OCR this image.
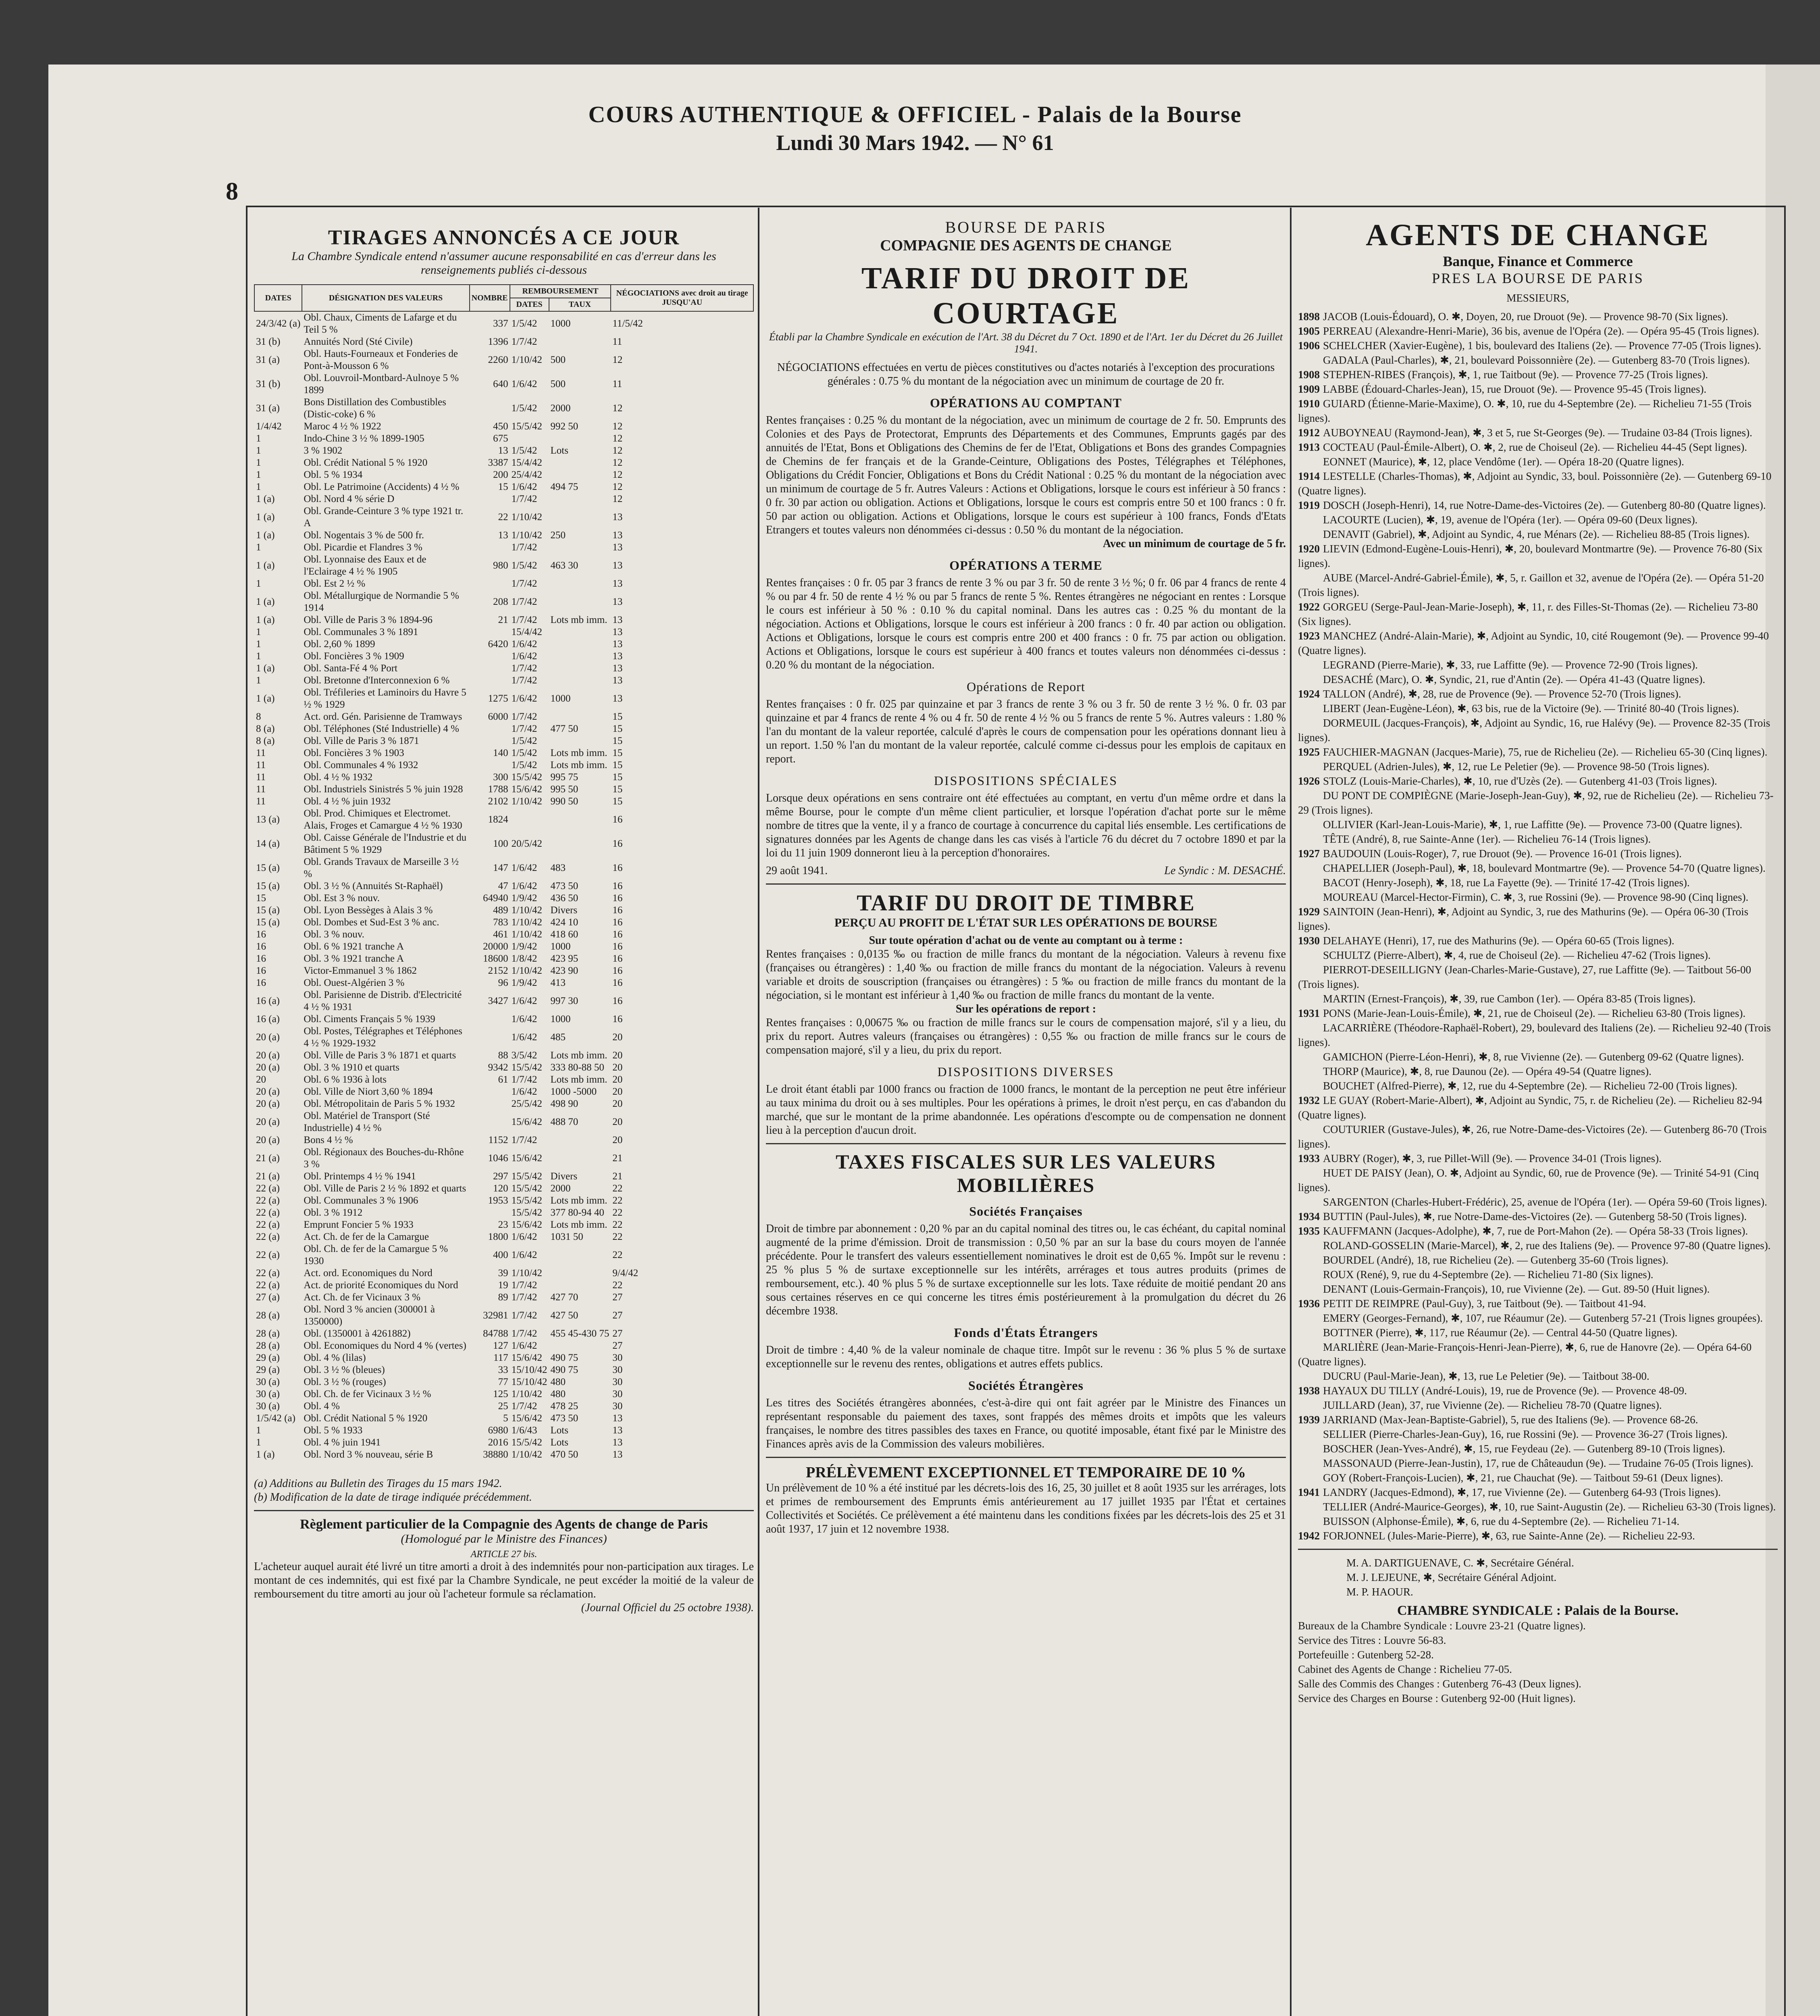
8
COURS AUTHENTIQUE & OFFICIEL - Palais de la Bourse
Lundi 30 Mars 1942. — N° 61
TIRAGES ANNONCÉS A CE JOUR
La Chambre Syndicale entend n'assumer aucune responsabilité en cas d'erreur dans les renseignements publiés ci-dessous
DATES	DÉSIGNATION DES VALEURS	NOMBRE	REMBOURSEMENT		NÉGOCIATIONS avec droit au tirage JUSQU'AU
			DATES	TAUX	
24/3/42 (a)	Obl. Chaux, Ciments de Lafarge et du Teil 5 %	337	1/5/42	1000	11/5/42
31 (b)	Annuités Nord (Sté Civile)	1396	1/7/42		11
31 (a)	Obl. Hauts-Fourneaux et Fonderies de Pont-à-Mousson 6 %	2260	1/10/42	500	12
31 (b)	Obl. Louvroil-Montbard-Aulnoye 5 % 1899	640	1/6/42	500	11
31 (a)	Bons Distillation des Combustibles (Distic-coke) 6 %		1/5/42	2000	12
1/4/42	Maroc 4 ½ % 1922	450	15/5/42	992 50	12
1	Indo-Chine 3 ½ % 1899-1905	675			12
1	3 % 1902	13	1/5/42	Lots	12
1	Obl. Crédit National 5 % 1920	3387	15/4/42		12
1	Obl. 5 % 1934	200	25/4/42		12
1	Obl. Le Patrimoine (Accidents) 4 ½ %	15	1/6/42	494 75	12
1 (a)	Obl. Nord 4 % série D		1/7/42		12
1 (a)	Obl. Grande-Ceinture 3 % type 1921 tr. A	22	1/10/42		13
1 (a)	Obl. Nogentais 3 % de 500 fr.	13	1/10/42	250	13
1	Obl. Picardie et Flandres 3 %		1/7/42		13
1 (a)	Obl. Lyonnaise des Eaux et de l'Eclairage 4 ½ % 1905	980	1/5/42	463 30	13
1	Obl. Est 2 ½ %		1/7/42		13
1 (a)	Obl. Métallurgique de Normandie 5 % 1914	208	1/7/42		13
1 (a)	Obl. Ville de Paris 3 % 1894-96	21	1/7/42	Lots mb imm.	13
1	Obl. Communales 3 % 1891		15/4/42		13
1	Obl. 2,60 % 1899	6420	1/6/42		13
1	Obl. Foncières 3 % 1909		1/6/42		13
1 (a)	Obl. Santa-Fé 4 % Port		1/7/42		13
1	Obl. Bretonne d'Interconnexion 6 %		1/7/42		13
1 (a)	Obl. Tréfileries et Laminoirs du Havre 5 ½ % 1929	1275	1/6/42	1000	13
8	Act. ord. Gén. Parisienne de Tramways	6000	1/7/42		15
8 (a)	Obl. Téléphones (Sté Industrielle) 4 %		1/7/42	477 50	15
8 (a)	Obl. Ville de Paris 3 % 1871		1/5/42		15
11	Obl. Foncières 3 % 1903	140	1/5/42	Lots mb imm.	15
11	Obl. Communales 4 % 1932		1/5/42	Lots mb imm.	15
11	Obl. 4 ½ % 1932	300	15/5/42	995 75	15
11	Obl. Industriels Sinistrés 5 % juin 1928	1788	15/6/42	995 50	15
11	Obl. 4 ½ % juin 1932	2102	1/10/42	990 50	15
13 (a)	Obl. Prod. Chimiques et Electromet. Alais, Froges et Camargue 4 ½ % 1930	1824			16
14 (a)	Obl. Caisse Générale de l'Industrie et du Bâtiment 5 % 1929	100	20/5/42		16
15 (a)	Obl. Grands Travaux de Marseille 3 ½ %	147	1/6/42	483	16
15 (a)	Obl. 3 ½ % (Annuités St-Raphaël)	47	1/6/42	473 50	16
15	Obl. Est 3 % nouv.	64940	1/9/42	436 50	16
15 (a)	Obl. Lyon Bessèges à Alais 3 %	489	1/10/42	Divers	16
15 (a)	Obl. Dombes et Sud-Est 3 % anc.	783	1/10/42	424 10	16
16	Obl. 3 % nouv.	461	1/10/42	418 60	16
16	Obl. 6 % 1921 tranche A	20000	1/9/42	1000	16
16	Obl. 3 % 1921 tranche A	18600	1/8/42	423 95	16
16	Victor-Emmanuel 3 % 1862	2152	1/10/42	423 90	16
16	Obl. Ouest-Algérien 3 %	96	1/9/42	413	16
16 (a)	Obl. Parisienne de Distrib. d'Electricité 4 ½ % 1931	3427	1/6/42	997 30	16
16 (a)	Obl. Ciments Français 5 % 1939		1/6/42	1000	16
20 (a)	Obl. Postes, Télégraphes et Téléphones 4 ½ % 1929-1932		1/6/42	485	20
20 (a)	Obl. Ville de Paris 3 % 1871 et quarts	88	3/5/42	Lots mb imm.	20
20 (a)	Obl. 3 % 1910 et quarts	9342	15/5/42	333 80-88 50	20
20	Obl. 6 % 1936 à lots	61	1/7/42	Lots mb imm.	20
20 (a)	Obl. Ville de Niort 3,60 % 1894		1/6/42	1000 -5000	20
20 (a)	Obl. Métropolitain de Paris 5 % 1932		25/5/42	498 90	20
20 (a)	Obl. Matériel de Transport (Sté Industrielle) 4 ½ %		15/6/42	488 70	20
20 (a)	Bons 4 ½ %	1152	1/7/42		20
21 (a)	Obl. Régionaux des Bouches-du-Rhône 3 %	1046	15/6/42		21
21 (a)	Obl. Printemps 4 ½ % 1941	297	15/5/42	Divers	21
22 (a)	Obl. Ville de Paris 2 ½ % 1892 et quarts	120	15/5/42	2000	22
22 (a)	Obl. Communales 3 % 1906	1953	15/5/42	Lots mb imm.	22
22 (a)	Obl. 3 % 1912		15/5/42	377 80-94 40	22
22 (a)	Emprunt Foncier 5 % 1933	23	15/6/42	Lots mb imm.	22
22 (a)	Act. Ch. de fer de la Camargue	1800	1/6/42	1031 50	22
22 (a)	Obl. Ch. de fer de la Camargue 5 % 1930	400	1/6/42		22
22 (a)	Act. ord. Economiques du Nord	39	1/10/42		9/4/42
22 (a)	Act. de priorité Economiques du Nord	19	1/7/42		22
27 (a)	Act. Ch. de fer Vicinaux 3 %	89	1/7/42	427 70	27
28 (a)	Obl. Nord 3 % ancien (300001 à 1350000)	32981	1/7/42	427 50	27
28 (a)	Obl. (1350001 à 4261882)	84788	1/7/42	455 45-430 75	27
28 (a)	Obl. Economiques du Nord 4 % (vertes)	127	1/6/42		27
29 (a)	Obl. 4 % (lilas)	117	15/6/42	490 75	30
29 (a)	Obl. 3 ½ % (bleues)	33	15/10/42	490 75	30
30 (a)	Obl. 3 ½ % (rouges)	77	15/10/42	480	30
30 (a)	Obl. Ch. de fer Vicinaux 3 ½ %	125	1/10/42	480	30
30 (a)	Obl. 4 %	25	1/7/42	478 25	30
1/5/42 (a)	Obl. Crédit National 5 % 1920	5	15/6/42	473 50	13
1	Obl. 5 % 1933	6980	1/6/43	Lots	13
1	Obl. 4 % juin 1941	2016	15/5/42	Lots	13
1 (a)	Obl. Nord 3 % nouveau, série B	38880	1/10/42	470 50	13
(a) Additions au Bulletin des Tirages du 15 mars 1942.
(b) Modification de la date de tirage indiquée précédemment.
Règlement particulier de la Compagnie des Agents de change de Paris
(Homologué par le Ministre des Finances)
ARTICLE 27 bis.
L'acheteur auquel aurait été livré un titre amorti a droit à des indemnités pour non-participation aux tirages. Le montant de ces indemnités, qui est fixé par la Chambre Syndicale, ne peut excéder la moitié de la valeur de remboursement du titre amorti au jour où l'acheteur formule sa réclamation.
(Journal Officiel du 25 octobre 1938).
BOURSE DE PARIS
COMPAGNIE DES AGENTS DE CHANGE
TARIF DU DROIT DE COURTAGE
Établi par la Chambre Syndicale en exécution de l'Art. 38 du Décret du 7 Oct. 1890 et de l'Art. 1er du Décret du 26 Juillet 1941.
NÉGOCIATIONS effectuées en vertu de pièces constitutives ou d'actes notariés à l'exception des procurations générales : 0.75 % du montant de la négociation avec un minimum de courtage de 20 fr.
OPÉRATIONS AU COMPTANT
Rentes françaises : 0.25 % du montant de la négociation, avec un minimum de courtage de 2 fr. 50. Emprunts des Colonies et des Pays de Protectorat, Emprunts des Départements et des Communes, Emprunts gagés par des annuités de l'Etat, Bons et Obligations des Chemins de fer de l'Etat, Obligations et Bons des grandes Compagnies de Chemins de fer français et de la Grande-Ceinture, Obligations des Postes, Télégraphes et Téléphones, Obligations du Crédit Foncier, Obligations et Bons du Crédit National : 0.25 % du montant de la négociation avec un minimum de courtage de 5 fr. Autres Valeurs : Actions et Obligations, lorsque le cours est inférieur à 50 francs : 0 fr. 30 par action ou obligation. Actions et Obligations, lorsque le cours est compris entre 50 et 100 francs : 0 fr. 50 par action ou obligation. Actions et Obligations, lorsque le cours est supérieur à 100 francs, Fonds d'Etats Etrangers et toutes valeurs non dénommées ci-dessus : 0.50 % du montant de la négociation.
Avec un minimum de courtage de 5 fr.
OPÉRATIONS A TERME
Rentes françaises : 0 fr. 05 par 3 francs de rente 3 % ou par 3 fr. 50 de rente 3 ½ %; 0 fr. 06 par 4 francs de rente 4 % ou par 4 fr. 50 de rente 4 ½ % ou par 5 francs de rente 5 %. Rentes étrangères ne négociant en rentes : Lorsque le cours est inférieur à 50 % : 0.10 % du capital nominal. Dans les autres cas : 0.25 % du montant de la négociation. Actions et Obligations, lorsque le cours est inférieur à 200 francs : 0 fr. 40 par action ou obligation. Actions et Obligations, lorsque le cours est compris entre 200 et 400 francs : 0 fr. 75 par action ou obligation. Actions et Obligations, lorsque le cours est supérieur à 400 francs et toutes valeurs non dénommées ci-dessus : 0.20 % du montant de la négociation.
Opérations de Report
Rentes françaises : 0 fr. 025 par quinzaine et par 3 francs de rente 3 % ou 3 fr. 50 de rente 3 ½ %. 0 fr. 03 par quinzaine et par 4 francs de rente 4 % ou 4 fr. 50 de rente 4 ½ % ou 5 francs de rente 5 %. Autres valeurs : 1.80 % l'an du montant de la valeur reportée, calculé d'après le cours de compensation pour les opérations donnant lieu à un report. 1.50 % l'an du montant de la valeur reportée, calculé comme ci-dessus pour les emplois de capitaux en report.
DISPOSITIONS SPÉCIALES
Lorsque deux opérations en sens contraire ont été effectuées au comptant, en vertu d'un même ordre et dans la même Bourse, pour le compte d'un même client particulier, et lorsque l'opération d'achat porte sur le même nombre de titres que la vente, il y a franco de courtage à concurrence du capital liés ensemble. Les certifications de signatures données par les Agents de change dans les cas visés à l'article 76 du décret du 7 octobre 1890 et par la loi du 11 juin 1909 donneront lieu à la perception d'honoraires.
29 août 1941.	Le Syndic : M. DESACHÉ.
TARIF DU DROIT DE TIMBRE
PERÇU AU PROFIT DE L'ÉTAT SUR LES OPÉRATIONS DE BOURSE
Sur toute opération d'achat ou de vente au comptant ou à terme :
Rentes françaises : 0,0135 ‰ ou fraction de mille francs du montant de la négociation. Valeurs à revenu fixe (françaises ou étrangères) : 1,40 ‰ ou fraction de mille francs du montant de la négociation. Valeurs à revenu variable et droits de souscription (françaises ou étrangères) : 5 ‰ ou fraction de mille francs du montant de la négociation, si le montant est inférieur à 1,40 ‰ ou fraction de mille francs du montant de la vente.
Sur les opérations de report :
Rentes françaises : 0,00675 ‰ ou fraction de mille francs sur le cours de compensation majoré, s'il y a lieu, du prix du report. Autres valeurs (françaises ou étrangères) : 0,55 ‰ ou fraction de mille francs sur le cours de compensation majoré, s'il y a lieu, du prix du report.
DISPOSITIONS DIVERSES
Le droit étant établi par 1000 francs ou fraction de 1000 francs, le montant de la perception ne peut être inférieur au taux minima du droit ou à ses multiples. Pour les opérations à primes, le droit n'est perçu, en cas d'abandon du marché, que sur le montant de la prime abandonnée. Les opérations d'escompte ou de compensation ne donnent lieu à la perception d'aucun droit.
TAXES FISCALES SUR LES VALEURS MOBILIÈRES
Sociétés Françaises
Droit de timbre par abonnement : 0,20 % par an du capital nominal des titres ou, le cas échéant, du capital nominal augmenté de la prime d'émission. Droit de transmission : 0,50 % par an sur la base du cours moyen de l'année précédente. Pour le transfert des valeurs essentiellement nominatives le droit est de 0,65 %. Impôt sur le revenu : 25 % plus 5 % de surtaxe exceptionnelle sur les intérêts, arrérages et tous autres produits (primes de remboursement, etc.). 40 % plus 5 % de surtaxe exceptionnelle sur les lots. Taxe réduite de moitié pendant 20 ans sous certaines réserves en ce qui concerne les titres émis postérieurement à la promulgation du décret du 26 décembre 1938.
Fonds d'États Étrangers
Droit de timbre : 4,40 % de la valeur nominale de chaque titre. Impôt sur le revenu : 36 % plus 5 % de surtaxe exceptionnelle sur le revenu des rentes, obligations et autres effets publics.
Sociétés Étrangères
Les titres des Sociétés étrangères abonnées, c'est-à-dire qui ont fait agréer par le Ministre des Finances un représentant responsable du paiement des taxes, sont frappés des mêmes droits et impôts que les valeurs françaises, le nombre des titres passibles des taxes en France, ou quotité imposable, étant fixé par le Ministre des Finances après avis de la Commission des valeurs mobilières.
PRÉLÈVEMENT EXCEPTIONNEL ET TEMPORAIRE DE 10 %
Un prélèvement de 10 % a été institué par les décrets-lois des 16, 25, 30 juillet et 8 août 1935 sur les arrérages, lots et primes de remboursement des Emprunts émis antérieurement au 17 juillet 1935 par l'État et certaines Collectivités et Sociétés. Ce prélèvement a été maintenu dans les conditions fixées par les décrets-lois des 25 et 31 août 1937, 17 juin et 12 novembre 1938.
AGENTS DE CHANGE
Banque, Finance et Commerce
PRES LA BOURSE DE PARIS
MESSIEURS,
1898 JACOB (Louis-Édouard), O. ✱, Doyen, 20, rue Drouot (9e). — Provence 98-70 (Six lignes).
1905 PERREAU (Alexandre-Henri-Marie), 36 bis, avenue de l'Opéra (2e). — Opéra 95-45 (Trois lignes).
1906 SCHELCHER (Xavier-Eugène), 1 bis, boulevard des Italiens (2e). — Provence 77-05 (Trois lignes).
GADALA (Paul-Charles), ✱, 21, boulevard Poissonnière (2e). — Gutenberg 83-70 (Trois lignes).
1908 STEPHEN-RIBES (François), ✱, 1, rue Taitbout (9e). — Provence 77-25 (Trois lignes).
1909 LABBE (Édouard-Charles-Jean), 15, rue Drouot (9e). — Provence 95-45 (Trois lignes).
1910 GUIARD (Étienne-Marie-Maxime), O. ✱, 10, rue du 4-Septembre (2e). — Richelieu 71-55 (Trois lignes).
1912 AUBOYNEAU (Raymond-Jean), ✱, 3 et 5, rue St-Georges (9e). — Trudaine 03-84 (Trois lignes).
1913 COCTEAU (Paul-Émile-Albert), O. ✱, 2, rue de Choiseul (2e). — Richelieu 44-45 (Sept lignes).
EONNET (Maurice), ✱, 12, place Vendôme (1er). — Opéra 18-20 (Quatre lignes).
1914 LESTELLE (Charles-Thomas), ✱, Adjoint au Syndic, 33, boul. Poissonnière (2e). — Gutenberg 69-10 (Quatre lignes).
1919 DOSCH (Joseph-Henri), 14, rue Notre-Dame-des-Victoires (2e). — Gutenberg 80-80 (Quatre lignes).
LACOURTE (Lucien), ✱, 19, avenue de l'Opéra (1er). — Opéra 09-60 (Deux lignes).
DENAVIT (Gabriel), ✱, Adjoint au Syndic, 4, rue Ménars (2e). — Richelieu 88-85 (Trois lignes).
1920 LIEVIN (Edmond-Eugène-Louis-Henri), ✱, 20, boulevard Montmartre (9e). — Provence 76-80 (Six lignes).
AUBE (Marcel-André-Gabriel-Émile), ✱, 5, r. Gaillon et 32, avenue de l'Opéra (2e). — Opéra 51-20 (Trois lignes).
1922 GORGEU (Serge-Paul-Jean-Marie-Joseph), ✱, 11, r. des Filles-St-Thomas (2e). — Richelieu 73-80 (Six lignes).
1923 MANCHEZ (André-Alain-Marie), ✱, Adjoint au Syndic, 10, cité Rougemont (9e). — Provence 99-40 (Quatre lignes).
LEGRAND (Pierre-Marie), ✱, 33, rue Laffitte (9e). — Provence 72-90 (Trois lignes).
DESACHÉ (Marc), O. ✱, Syndic, 21, rue d'Antin (2e). — Opéra 41-43 (Quatre lignes).
1924 TALLON (André), ✱, 28, rue de Provence (9e). — Provence 52-70 (Trois lignes).
LIBERT (Jean-Eugène-Léon), ✱, 63 bis, rue de la Victoire (9e). — Trinité 80-40 (Trois lignes).
DORMEUIL (Jacques-François), ✱, Adjoint au Syndic, 16, rue Halévy (9e). — Provence 82-35 (Trois lignes).
1925 FAUCHIER-MAGNAN (Jacques-Marie), 75, rue de Richelieu (2e). — Richelieu 65-30 (Cinq lignes).
PERQUEL (Adrien-Jules), ✱, 12, rue Le Peletier (9e). — Provence 98-50 (Trois lignes).
1926 STOLZ (Louis-Marie-Charles), ✱, 10, rue d'Uzès (2e). — Gutenberg 41-03 (Trois lignes).
DU PONT DE COMPIÈGNE (Marie-Joseph-Jean-Guy), ✱, 92, rue de Richelieu (2e). — Richelieu 73-29 (Trois lignes).
OLLIVIER (Karl-Jean-Louis-Marie), ✱, 1, rue Laffitte (9e). — Provence 73-00 (Quatre lignes).
TÊTE (André), 8, rue Sainte-Anne (1er). — Richelieu 76-14 (Trois lignes).
1927 BAUDOUIN (Louis-Roger), 7, rue Drouot (9e). — Provence 16-01 (Trois lignes).
CHAPELLIER (Joseph-Paul), ✱, 18, boulevard Montmartre (9e). — Provence 54-70 (Quatre lignes).
BACOT (Henry-Joseph), ✱, 18, rue La Fayette (9e). — Trinité 17-42 (Trois lignes).
MOUREAU (Marcel-Hector-Firmin), C. ✱, 3, rue Rossini (9e). — Provence 98-90 (Cinq lignes).
1929 SAINTOIN (Jean-Henri), ✱, Adjoint au Syndic, 3, rue des Mathurins (9e). — Opéra 06-30 (Trois lignes).
1930 DELAHAYE (Henri), 17, rue des Mathurins (9e). — Opéra 60-65 (Trois lignes).
SCHULTZ (Pierre-Albert), ✱, 4, rue de Choiseul (2e). — Richelieu 47-62 (Trois lignes).
PIERROT-DESEILLIGNY (Jean-Charles-Marie-Gustave), 27, rue Laffitte (9e). — Taitbout 56-00 (Trois lignes).
MARTIN (Ernest-François), ✱, 39, rue Cambon (1er). — Opéra 83-85 (Trois lignes).
1931 PONS (Marie-Jean-Louis-Émile), ✱, 21, rue de Choiseul (2e). — Richelieu 63-80 (Trois lignes).
LACARRIÈRE (Théodore-Raphaël-Robert), 29, boulevard des Italiens (2e). — Richelieu 92-40 (Trois lignes).
GAMICHON (Pierre-Léon-Henri), ✱, 8, rue Vivienne (2e). — Gutenberg 09-62 (Quatre lignes).
THORP (Maurice), ✱, 8, rue Daunou (2e). — Opéra 49-54 (Quatre lignes).
BOUCHET (Alfred-Pierre), ✱, 12, rue du 4-Septembre (2e). — Richelieu 72-00 (Trois lignes).
1932 LE GUAY (Robert-Marie-Albert), ✱, Adjoint au Syndic, 75, r. de Richelieu (2e). — Richelieu 82-94 (Quatre lignes).
COUTURIER (Gustave-Jules), ✱, 26, rue Notre-Dame-des-Victoires (2e). — Gutenberg 86-70 (Trois lignes).
1933 AUBRY (Roger), ✱, 3, rue Pillet-Will (9e). — Provence 34-01 (Trois lignes).
HUET DE PAISY (Jean), O. ✱, Adjoint au Syndic, 60, rue de Provence (9e). — Trinité 54-91 (Cinq lignes).
SARGENTON (Charles-Hubert-Frédéric), 25, avenue de l'Opéra (1er). — Opéra 59-60 (Trois lignes).
1934 BUTTIN (Paul-Jules), ✱, rue Notre-Dame-des-Victoires (2e). — Gutenberg 58-50 (Trois lignes).
1935 KAUFFMANN (Jacques-Adolphe), ✱, 7, rue de Port-Mahon (2e). — Opéra 58-33 (Trois lignes).
ROLAND-GOSSELIN (Marie-Marcel), ✱, 2, rue des Italiens (9e). — Provence 97-80 (Quatre lignes).
BOURDEL (André), 18, rue Richelieu (2e). — Gutenberg 35-60 (Trois lignes).
ROUX (René), 9, rue du 4-Septembre (2e). — Richelieu 71-80 (Six lignes).
DENANT (Louis-Germain-François), 10, rue Vivienne (2e). — Gut. 89-50 (Huit lignes).
1936 PETIT DE REIMPRE (Paul-Guy), 3, rue Taitbout (9e). — Taitbout 41-94.
EMERY (Georges-Fernand), ✱, 107, rue Réaumur (2e). — Gutenberg 57-21 (Trois lignes groupées).
BOTTNER (Pierre), ✱, 117, rue Réaumur (2e). — Central 44-50 (Quatre lignes).
MARLIÈRE (Jean-Marie-François-Henri-Jean-Pierre), ✱, 6, rue de Hanovre (2e). — Opéra 64-60 (Quatre lignes).
DUCRU (Paul-Marie-Jean), ✱, 13, rue Le Peletier (9e). — Taitbout 38-00.
1938 HAYAUX DU TILLY (André-Louis), 19, rue de Provence (9e). — Provence 48-09.
JUILLARD (Jean), 37, rue Vivienne (2e). — Richelieu 78-70 (Quatre lignes).
1939 JARRIAND (Max-Jean-Baptiste-Gabriel), 5, rue des Italiens (9e). — Provence 68-26.
SELLIER (Pierre-Charles-Jean-Guy), 16, rue Rossini (9e). — Provence 36-27 (Trois lignes).
BOSCHER (Jean-Yves-André), ✱, 15, rue Feydeau (2e). — Gutenberg 89-10 (Trois lignes).
MASSONAUD (Pierre-Jean-Justin), 17, rue de Châteaudun (9e). — Trudaine 76-05 (Trois lignes).
GOY (Robert-François-Lucien), ✱, 21, rue Chauchat (9e). — Taitbout 59-61 (Deux lignes).
1941 LANDRY (Jacques-Edmond), ✱, 17, rue Vivienne (2e). — Gutenberg 64-93 (Trois lignes).
TELLIER (André-Maurice-Georges), ✱, 10, rue Saint-Augustin (2e). — Richelieu 63-30 (Trois lignes).
BUISSON (Alphonse-Émile), ✱, 6, rue du 4-Septembre (2e). — Richelieu 71-14.
1942 FORJONNEL (Jules-Marie-Pierre), ✱, 63, rue Sainte-Anne (2e). — Richelieu 22-93.
M. A. DARTIGUENAVE, C. ✱, Secrétaire Général.
M. J. LEJEUNE, ✱, Secrétaire Général Adjoint.
M. P. HAOUR.
CHAMBRE SYNDICALE : Palais de la Bourse.
Bureaux de la Chambre Syndicale : Louvre 23-21 (Quatre lignes).
Service des Titres : Louvre 56-83.
Portefeuille : Gutenberg 52-28.
Cabinet des Agents de Change : Richelieu 77-05.
Salle des Commis des Changes : Gutenberg 76-43 (Deux lignes).
Service des Charges en Bourse : Gutenberg 92-00 (Huit lignes).
